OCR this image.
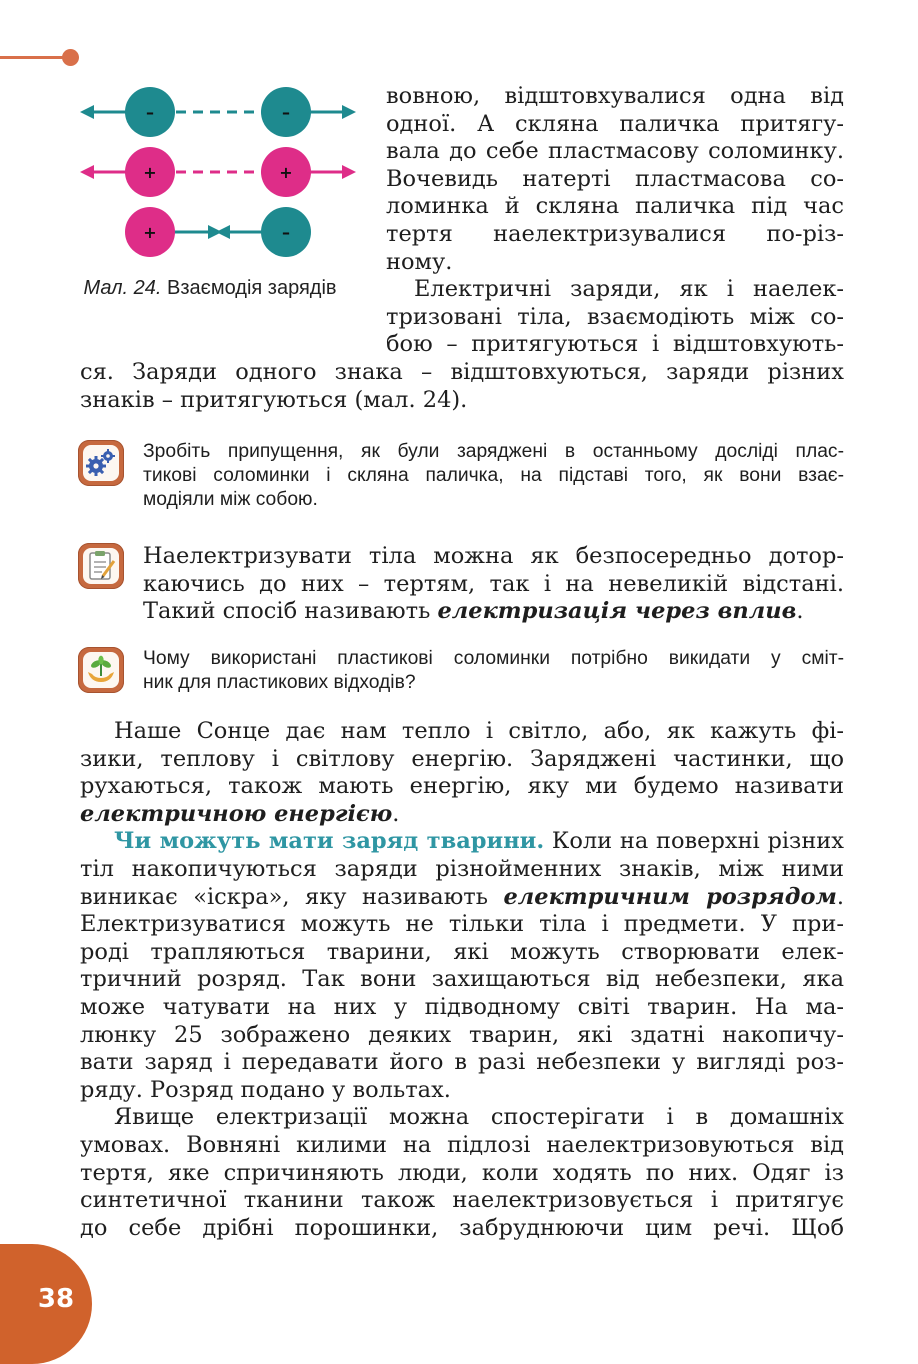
–	–
+	+
+	–
Мал. 24. Взаємодія зарядів
вовною, відштовхувалися одна від
одної. А скляна паличка притягу-
вала до себе пластмасову соломинку.
Вочевидь натерті пластмасова со-
ломинка й скляна паличка під час
тертя наелектризувалися по-різ-
ному.
Електричні заряди, як і наелек-
тризовані тіла, взаємодіють між со-
бою – притягуються і відштовхують-
ся. Заряди одного знака – відштовхуються, заряди різних
знаків – притягуються (мал. 24).
Зробіть припущення, як були заряджені в останньому досліді плас-
тикові соломинки і скляна паличка, на підставі того, як вони взає-
модіяли між собою.
Наелектризувати тіла можна як безпосередньо дотор-
каючись до них – тертям, так і на невеликій відстані.
Такий спосіб називають електризація через вплив.
Чому використані пластикові соломинки потрібно викидати у сміт-
ник для пластикових відходів?
Наше Сонце дає нам тепло і світло, або, як кажуть фі-
зики, теплову і світлову енергію. Заряджені частинки, що
рухаються, також мають енергію, яку ми будемо називати
електричною енергією.
Чи можуть мати заряд тварини. Коли на поверхні різних
тіл накопичуються заряди різнойменних знаків, між ними
виникає «іскра», яку називають електричним розрядом.
Електризуватися можуть не тільки тіла і предмети. У при-
роді трапляються тварини, які можуть створювати елек-
тричний розряд. Так вони захищаються від небезпеки, яка
може чатувати на них у підводному світі тварин. На ма-
люнку 25 зображено деяких тварин, які здатні накопичу-
вати заряд і передавати його в разі небезпеки у вигляді роз-
ряду. Розряд подано у вольтах.
Явище електризації можна спостерігати і в домашніх
умовах. Вовняні килими на підлозі наелектризовуються від
тертя, яке спричиняють люди, коли ходять по них. Одяг із
синтетичної тканини також наелектризовується і притягує
до себе дрібні порошинки, забруднюючи цим речі. Щоб
38
